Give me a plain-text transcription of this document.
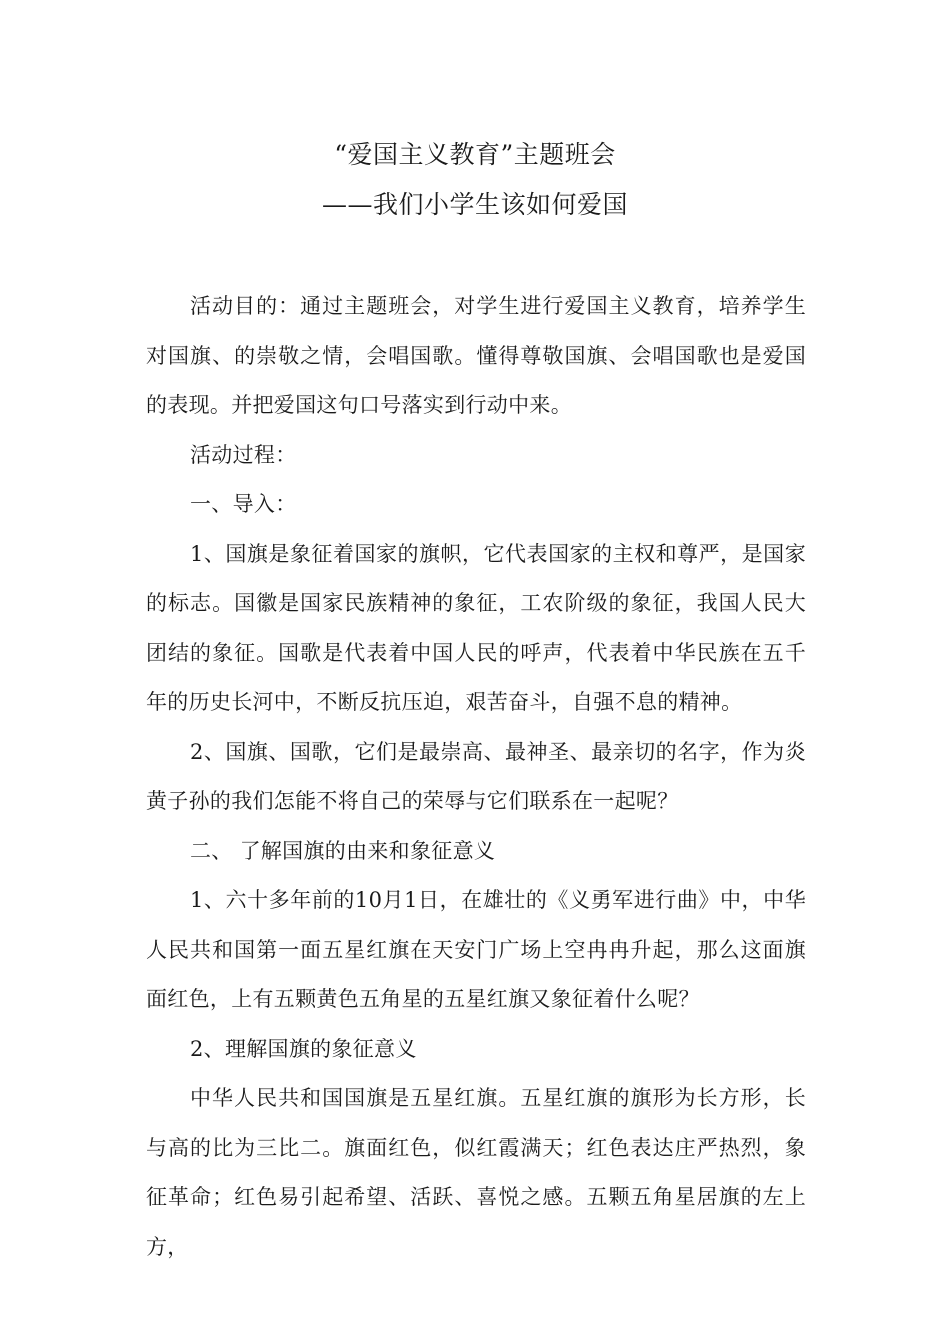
“爱国主义教育”主题班会
——我们小学生该如何爱国

活动目的：通过主题班会，对学生进行爱国主义教育，培养学生对国旗、的崇敬之情，会唱国歌。懂得尊敬国旗、会唱国歌也是爱国的表现。并把爱国这句口号落实到行动中来。

活动过程：

一、导入：

1、国旗是象征着国家的旗帜，它代表国家的主权和尊严，是国家的标志。国徽是国家民族精神的象征，工农阶级的象征，我国人民大团结的象征。国歌是代表着中国人民的呼声，代表着中华民族在五千年的历史长河中，不断反抗压迫，艰苦奋斗，自强不息的精神。

2、国旗、国歌，它们是最崇高、最神圣、最亲切的名字，作为炎黄子孙的我们怎能不将自己的荣辱与它们联系在一起呢？

二、 了解国旗的由来和象征意义

1、六十多年前的10月1日，在雄壮的《义勇军进行曲》中，中华人民共和国第一面五星红旗在天安门广场上空冉冉升起，那么这面旗面红色，上有五颗黄色五角星的五星红旗又象征着什么呢？

2、理解国旗的象征意义

中华人民共和国国旗是五星红旗。五星红旗的旗形为长方形，长与高的比为三比二。旗面红色，似红霞满天；红色表达庄严热烈，象征革命；红色易引起希望、活跃、喜悦之感。五颗五角星居旗的左上方，
